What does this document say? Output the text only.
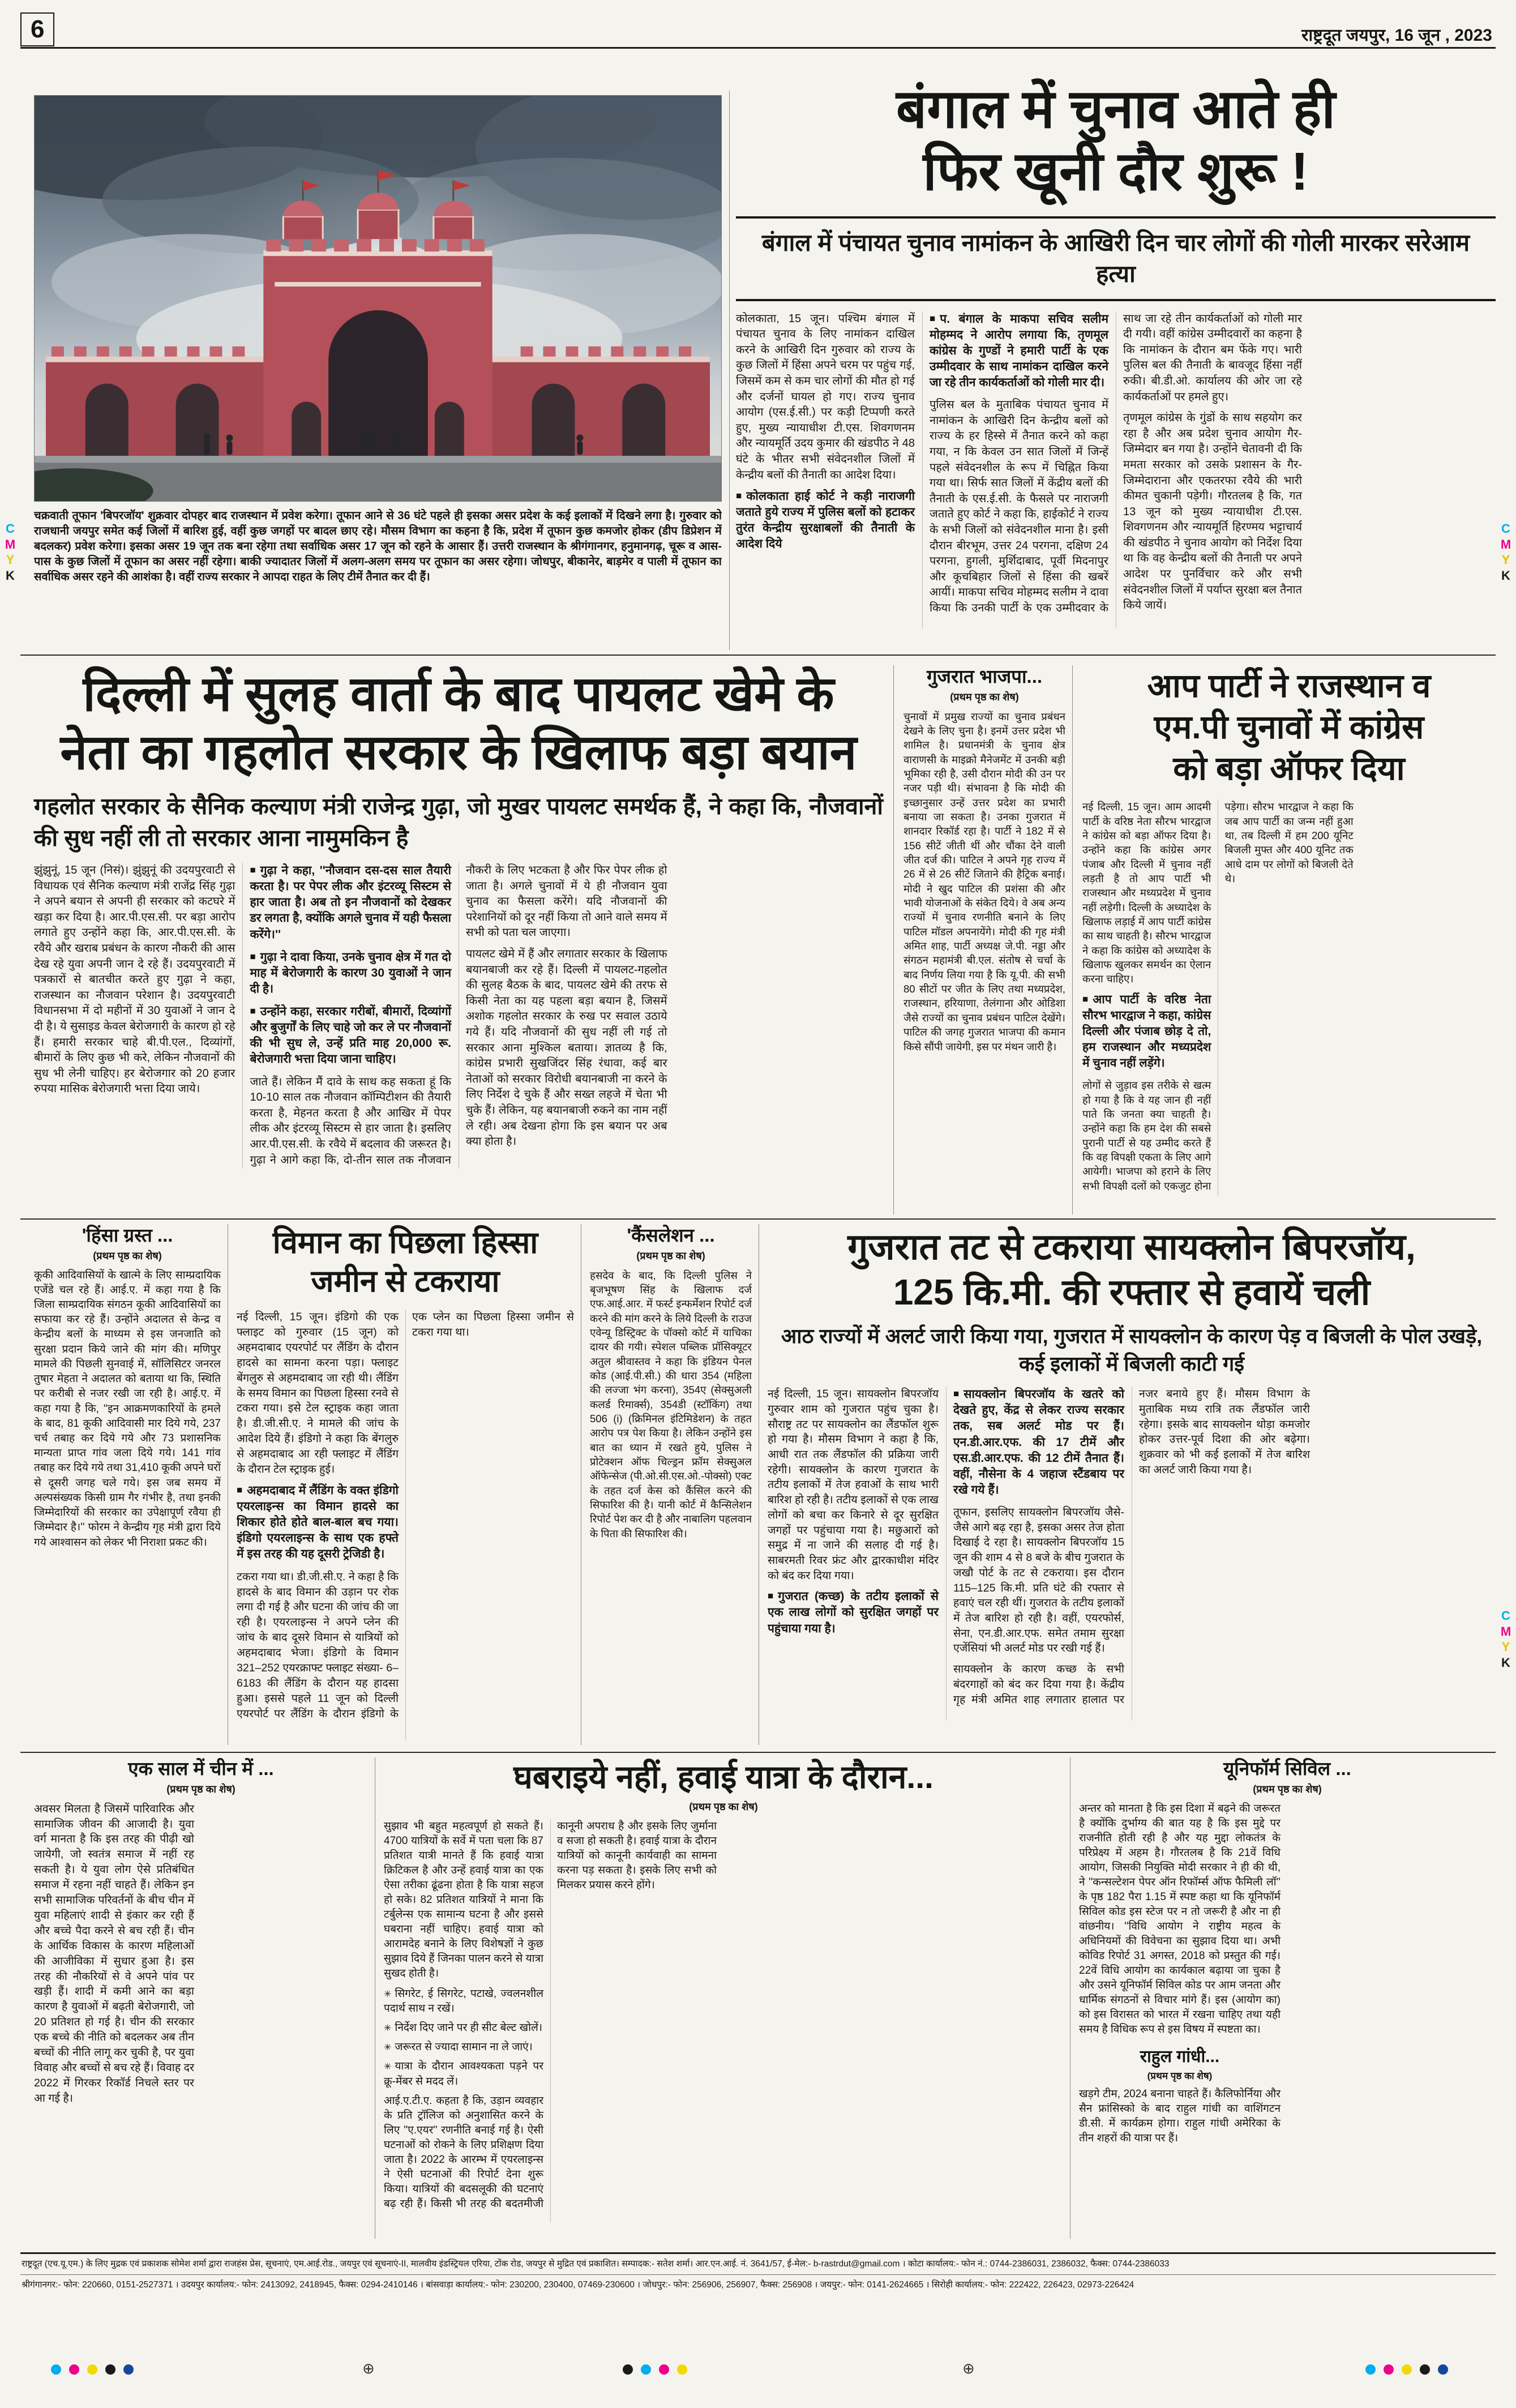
6	राष्ट्रदूत जयपुर, 16 जून , 2023
चक्रवाती तूफान 'बिपरजॉय' शुक्रवार दोपहर बाद राजस्थान में प्रवेश करेगा। तूफान आने से 36 घंटे पहले ही इसका असर प्रदेश के कई इलाकों में दिखने लगा है। गुरुवार को राजधानी जयपुर समेत कई जिलों में बारिश हुई, वहीं कुछ जगहों पर बादल छाए रहे। मौसम विभाग का कहना है कि, प्रदेश में तूफान कुछ कमजोर होकर (डीप डिप्रेशन में बदलकर) प्रवेश करेगा। इसका असर 19 जून तक बना रहेगा तथा सर्वाधिक असर 17 जून को रहने के आसार हैं। उत्तरी राजस्थान के श्रीगंगानगर, हनुमानगढ़, चूरू व आस-पास के कुछ जिलों में तूफान का असर नहीं रहेगा। बाकी ज्यादातर जिलों में अलग-अलग समय पर तूफान का असर रहेगा। जोधपुर, बीकानेर, बाड़मेर व पाली में तूफान का सर्वाधिक असर रहने की आशंका है। वहीं राज्य सरकार ने आपदा राहत के लिए टीमें तैनात कर दी हैं।
बंगाल में चुनाव आते ही
फिर खूनी दौर शुरू !
बंगाल में पंचायत चुनाव नामांकन के आखिरी दिन चार लोगों की गोली मारकर सरेआम हत्या

कोलकाता, 15 जून। पश्चिम बंगाल में पंचायत चुनाव के लिए नामांकन दाखिल करने के आखिरी दिन गुरुवार को राज्य के कुछ जिलों में हिंसा अपने चरम पर पहुंच गई, जिसमें कम से कम चार लोगों की मौत हो गई और दर्जनों घायल हो गए। राज्य चुनाव आयोग (एस.ई.सी.) पर कड़ी टिप्पणी करते हुए, मुख्य न्यायाधीश टी.एस. शिवगणनम और न्यायमूर्ति उदय कुमार की खंडपीठ ने 48 घंटे के भीतर सभी संवेदनशील जिलों में केन्द्रीय बलों की तैनाती का आदेश दिया।

■ कोलकाता हाई कोर्ट ने कड़ी नाराजगी जताते हुये राज्य में पुलिस बलों को हटाकर तुरंत केन्द्रीय सुरक्षाबलों की तैनाती के आदेश दिये
■ प. बंगाल के माकपा सचिव सलीम मोहम्मद ने आरोप लगाया कि, तृणमूल कांग्रेस के गुण्डों ने हमारी पार्टी के एक उम्मीदवार के साथ नामांकन दाखिल करने जा रहे तीन कार्यकर्ताओं को गोली मार दी।

पुलिस बल के मुताबिक पंचायत चुनाव में नामांकन के आखिरी दिन केन्द्रीय बलों को राज्य के हर हिस्से में तैनात करने को कहा गया, न कि केवल उन सात जिलों में जिन्हें पहले संवेदनशील के रूप में चिह्नित किया गया था। सिर्फ सात जिलों में केंद्रीय बलों की तैनाती के एस.ई.सी. के फैसले पर नाराजगी जताते हुए कोर्ट ने कहा कि, हाईकोर्ट ने राज्य के सभी जिलों को संवेदनशील माना है। इसी दौरान बीरभूम, उत्तर 24 परगना, दक्षिण 24 परगना, हुगली, मुर्शिदाबाद, पूर्वी मिदनापुर और कूचबिहार जिलों से हिंसा की खबरें आयीं। माकपा सचिव मोहम्मद सलीम ने दावा किया कि उनकी पार्टी के एक उम्मीदवार के साथ जा रहे तीन कार्यकर्ताओं को गोली मार दी गयी। वहीं कांग्रेस उम्मीदवारों का कहना है कि नामांकन के दौरान बम फेंके गए। भारी पुलिस बल की तैनाती के बावजूद हिंसा नहीं रुकी। बी.डी.ओ. कार्यालय की ओर जा रहे कार्यकर्ताओं पर हमले हुए।

तृणमूल कांग्रेस के गुंडों के साथ सहयोग कर रहा है और अब प्रदेश चुनाव आयोग गैर-जिम्मेदार बन गया है। उन्होंने चेतावनी दी कि ममता सरकार को उसके प्रशासन के गैर-जिम्मेदाराना और एकतरफा रवैये की भारी कीमत चुकानी पड़ेगी। गौरतलब है कि, गत 13 जून को मुख्य न्यायाधीश टी.एस. शिवगणनम और न्यायमूर्ति हिरण्मय भट्टाचार्य की खंडपीठ ने चुनाव आयोग को निर्देश दिया था कि वह केन्द्रीय बलों की तैनाती पर अपने आदेश पर पुनर्विचार करे और सभी संवेदनशील जिलों में पर्याप्त सुरक्षा बल तैनात किये जायें।

दिल्ली में सुलह वार्ता के बाद पायलट खेमे के
नेता का गहलोत सरकार के खिलाफ बड़ा बयान
गहलोत सरकार के सैनिक कल्याण मंत्री राजेन्द्र गुढ़ा, जो मुखर पायलट समर्थक हैं, ने कहा कि, नौजवानों की सुध नहीं ली तो सरकार आना नामुमकिन है

झुंझुनूं, 15 जून (निसं)। झुंझुनूं की उदयपुरवाटी से विधायक एवं सैनिक कल्याण मंत्री राजेंद्र सिंह गुढ़ा ने अपने बयान से अपनी ही सरकार को कटघरे में खड़ा कर दिया है। आर.पी.एस.सी. पर बड़ा आरोप लगाते हुए उन्होंने कहा कि, आर.पी.एस.सी. के रवैये और खराब प्रबंधन के कारण नौकरी की आस देख रहे युवा अपनी जान दे रहे हैं। उदयपुरवाटी में पत्रकारों से बातचीत करते हुए गुढ़ा ने कहा, राजस्थान का नौजवान परेशान है। उदयपुरवाटी विधानसभा में दो महीनों में 30 युवाओं ने जान दे दी है। ये सुसाइड केवल बेरोजगारी के कारण हो रहे हैं। हमारी सरकार चाहे बी.पी.एल., दिव्यांगों, बीमारों के लिए कुछ भी करे, लेकिन नौजवानों की सुध भी लेनी चाहिए। हर बेरोजगार को 20 हजार रुपया मासिक बेरोजगारी भत्ता दिया जाये।

■ गुढ़ा ने कहा, ''नौजवान दस-दस साल तैयारी करता है। पर पेपर लीक और इंटरव्यू सिस्टम से हार जाता है। अब तो इन नौजवानों को देखकर डर लगता है, क्योंकि अगले चुनाव में यही फैसला करेंगे।''
■ गुढ़ा ने दावा किया, उनके चुनाव क्षेत्र में गत दो माह में बेरोजगारी के कारण 30 युवाओं ने जान दी है।
■ उन्होंने कहा, सरकार गरीबों, बीमारों, दिव्यांगों और बुजुर्गों के लिए चाहे जो कर ले पर नौजवानों की भी सुध ले, उन्हें प्रति माह 20,000 रू. बेरोजगारी भत्ता दिया जाना चाहिए।

जाते हैं। लेकिन मैं दावे के साथ कह सकता हूं कि 10-10 साल तक नौजवान कॉम्पिटीशन की तैयारी करता है, मेहनत करता है और आखिर में पेपर लीक और इंटरव्यू सिस्टम से हार जाता है। इसलिए आर.पी.एस.सी. के रवैये में बदलाव की जरूरत है। गुढ़ा ने आगे कहा कि, दो-तीन साल तक नौजवान नौकरी के लिए भटकता है और फिर पेपर लीक हो जाता है। अगले चुनावों में ये ही नौजवान युवा चुनाव का फैसला करेंगे। यदि नौजवानों की परेशानियों को दूर नहीं किया तो आने वाले समय में सभी को पता चल जाएगा।

पायलट खेमे में हैं और लगातार सरकार के खिलाफ बयानबाजी कर रहे हैं। दिल्ली में पायलट-गहलोत की सुलह बैठक के बाद, पायलट खेमे की तरफ से किसी नेता का यह पहला बड़ा बयान है, जिसमें अशोक गहलोत सरकार के रुख पर सवाल उठाये गये हैं। यदि नौजवानों की सुध नहीं ली गई तो सरकार आना मुश्किल बताया। ज्ञातव्य है कि, कांग्रेस प्रभारी सुखजिंदर सिंह रंधावा, कई बार नेताओं को सरकार विरोधी बयानबाजी ना करने के लिए निर्देश दे चुके हैं और सख्त लहजे में चेता भी चुके हैं। लेकिन, यह बयानबाजी रुकने का नाम नहीं ले रही। अब देखना होगा कि इस बयान पर अब क्या होता है।

गुजरात भाजपा...
(प्रथम पृष्ठ का शेष)
चुनावों में प्रमुख राज्यों का चुनाव प्रबंधन देखने के लिए चुना है। इनमें उत्तर प्रदेश भी शामिल है। प्रधानमंत्री के चुनाव क्षेत्र वाराणसी के माइक्रो मैनेजमेंट में उनकी बड़ी भूमिका रही है, उसी दौरान मोदी की उन पर नजर पड़ी थी। संभावना है कि मोदी की इच्छानुसार उन्हें उत्तर प्रदेश का प्रभारी बनाया जा सकता है। उनका गुजरात में शानदार रिकॉर्ड रहा है। पार्टी ने 182 में से 156 सीटें जीती थीं और चौंका देने वाली जीत दर्ज की। पाटिल ने अपने गृह राज्य में 26 में से 26 सीटें जिताने की हैट्रिक बनाई। मोदी ने खुद पाटिल की प्रशंसा की और भावी योजनाओं के संकेत दिये। वे अब अन्य राज्यों में चुनाव रणनीति बनाने के लिए पाटिल मॉडल अपनायेंगे। मोदी की गृह मंत्री अमित शाह, पार्टी अध्यक्ष जे.पी. नड्डा और संगठन महामंत्री बी.एल. संतोष से चर्चा के बाद निर्णय लिया गया है कि यू.पी. की सभी 80 सीटों पर जीत के लिए तथा मध्यप्रदेश, राजस्थान, हरियाणा, तेलंगाना और ओडिशा जैसे राज्यों का चुनाव प्रबंधन पाटिल देखेंगे। पाटिल की जगह गुजरात भाजपा की कमान किसे सौंपी जायेगी, इस पर मंथन जारी है।
आप पार्टी ने राजस्थान व
एम.पी चुनावों में कांग्रेस
को बड़ा ऑफर दिया

नई दिल्ली, 15 जून। आम आदमी पार्टी के वरिष्ठ नेता सौरभ भारद्वाज ने कांग्रेस को बड़ा ऑफर दिया है। उन्होंने कहा कि कांग्रेस अगर पंजाब और दिल्ली में चुनाव नहीं लड़ती है तो आप पार्टी भी राजस्थान और मध्यप्रदेश में चुनाव नहीं लड़ेगी। दिल्ली के अध्यादेश के खिलाफ लड़ाई में आप पार्टी कांग्रेस का साथ चाहती है। सौरभ भारद्वाज ने कहा कि कांग्रेस को अध्यादेश के खिलाफ खुलकर समर्थन का ऐलान करना चाहिए।

■ आप पार्टी के वरिष्ठ नेता सौरभ भारद्वाज ने कहा, कांग्रेस दिल्ली और पंजाब छोड़ दे तो, हम राजस्थान और मध्यप्रदेश में चुनाव नहीं लड़ेंगे।

लोगों से जुड़ाव इस तरीके से खत्म हो गया है कि वे यह जान ही नहीं पाते कि जनता क्या चाहती है। उन्होंने कहा कि हम देश की सबसे पुरानी पार्टी से यह उम्मीद करते हैं कि वह विपक्षी एकता के लिए आगे आयेगी। भाजपा को हराने के लिए सभी विपक्षी दलों को एकजुट होना पड़ेगा। सौरभ भारद्वाज ने कहा कि जब आप पार्टी का जन्म नहीं हुआ था, तब दिल्ली में हम 200 यूनिट बिजली मुफ्त और 400 यूनिट तक आधे दाम पर लोगों को बिजली देते थे।

'हिंसा ग्रस्त ...
(प्रथम पृष्ठ का शेष)
कूकी आदिवासियों के खात्मे के लिए साम्प्रदायिक एजेंडे चल रहे हैं। आई.ए. में कहा गया है कि जिला साम्प्रदायिक संगठन कूकी आदिवासियों का सफाया कर रहे हैं। उन्होंने अदालत से केन्द्र व केन्द्रीय बलों के माध्यम से इस जनजाति को सुरक्षा प्रदान किये जाने की मांग की। मणिपुर मामले की पिछली सुनवाई में, सॉलिसिटर जनरल तुषार मेहता ने अदालत को बताया था कि, स्थिति पर करीबी से नजर रखी जा रही है। आई.ए. में कहा गया है कि, ''इन आक्रमणकारियों के हमले के बाद, 81 कूकी आदिवासी मार दिये गये, 237 चर्च तबाह कर दिये गये और 73 प्रशासनिक मान्यता प्राप्त गांव जला दिये गये। 141 गांव तबाह कर दिये गये तथा 31,410 कूकी अपने घरों से दूसरी जगह चले गये। इस जब समय में अल्पसंख्यक किसी ग्राम गैर गंभीर है, तथा इनकी जिम्मेदारियों की सरकार का उपेक्षापूर्ण रवैया ही जिम्मेदार है।'' फोरम ने केन्द्रीय गृह मंत्री द्वारा दिये गये आश्वासन को लेकर भी निराशा प्रकट की।
विमान का पिछला हिस्सा
जमीन से टकराया

नई दिल्ली, 15 जून। इंडिगो की एक फ्लाइट को गुरुवार (15 जून) को अहमदाबाद एयरपोर्ट पर लैंडिंग के दौरान हादसे का सामना करना पड़ा। फ्लाइट बेंगलुरु से अहमदाबाद जा रही थी। लैंडिंग के समय विमान का पिछला हिस्सा रनवे से टकरा गया। इसे टेल स्ट्राइक कहा जाता है। डी.जी.सी.ए. ने मामले की जांच के आदेश दिये हैं। इंडिगो ने कहा कि बेंगलुरु से अहमदाबाद आ रही फ्लाइट में लैंडिंग के दौरान टेल स्ट्राइक हुई।

■ अहमदाबाद में लैंडिंग के वक्त इंडिगो एयरलाइन्स का विमान हादसे का शिकार होते होते बाल-बाल बच गया। इंडिगो एयरलाइन्स के साथ एक हफ्ते में इस तरह की यह दूसरी ट्रेजिडी है।

टकरा गया था। डी.जी.सी.ए. ने कहा है कि हादसे के बाद विमान की उड़ान पर रोक लगा दी गई है और घटना की जांच की जा रही है। एयरलाइन्स ने अपने प्लेन की जांच के बाद दूसरे विमान से यात्रियों को अहमदाबाद भेजा। इंडिगो के विमान 321–252 एयरक्राफ्ट फ्लाइट संख्या- 6–6183 की लैंडिंग के दौरान यह हादसा हुआ। इससे पहले 11 जून को दिल्ली एयरपोर्ट पर लैंडिंग के दौरान इंडिगो के एक प्लेन का पिछला हिस्सा जमीन से टकरा गया था।

'कैंसलेशन ...
(प्रथम पृष्ठ का शेष)
हसदेव के बाद, कि दिल्ली पुलिस ने बृजभूषण सिंह के खिलाफ दर्ज एफ.आई.आर. में फर्स्ट इन्फर्मेशन रिपोर्ट दर्ज करने की मांग करने के लिये दिल्ली के राउज एवेन्यू डिस्ट्रिक्ट के पॉक्सो कोर्ट में याचिका दायर की गयी। स्पेशल पब्लिक प्रॉसिक्यूटर अतुल श्रीवास्तव ने कहा कि इंडियन पेनल कोड (आई.पी.सी.) की धारा 354 (महिला की लज्जा भंग करना), 354ए (सेक्सुअली कलर्ड रिमार्क्स), 354डी (स्टॉकिंग) तथा 506 (i) (क्रिमिनल इंटिमिडेशन) के तहत आरोप पत्र पेश किया है। लेकिन उन्होंने इस बात का ध्यान में रखते हुये, पुलिस ने प्रोटेक्शन ऑफ चिल्ड्रन फ्रॉम सेक्सुअल ऑफेन्सेज (पी.ओ.सी.एस.ओ.-पोक्सो) एक्ट के तहत दर्ज केस को कैंसिल करने की सिफारिश की है। यानी कोर्ट में कैन्सिलेशन रिपोर्ट पेश कर दी है और नाबालिग पहलवान के पिता की सिफारिश की।
गुजरात तट से टकराया सायक्लोन बिपरजॉय,
125 कि.मी. की रफ्तार से हवायें चली
आठ राज्यों में अलर्ट जारी किया गया, गुजरात में सायक्लोन के कारण पेड़ व बिजली के पोल उखड़े, कई इलाकों में बिजली काटी गई

नई दिल्ली, 15 जून। सायक्लोन बिपरजॉय गुरुवार शाम को गुजरात पहुंच चुका है। सौराष्ट्र तट पर सायक्लोन का लैंडफॉल शुरू हो गया है। मौसम विभाग ने कहा है कि, आधी रात तक लैंडफॉल की प्रक्रिया जारी रहेगी। सायक्लोन के कारण गुजरात के तटीय इलाकों में तेज हवाओं के साथ भारी बारिश हो रही है। तटीय इलाकों से एक लाख लोगों को बचा कर किनारे से दूर सुरक्षित जगहों पर पहुंचाया गया है। मछुआरों को समुद्र में ना जाने की सलाह दी गई है। साबरमती रिवर फ्रंट और द्वारकाधीश मंदिर को बंद कर दिया गया।

■ गुजरात (कच्छ) के तटीय इलाकों से एक लाख लोगों को सुरक्षित जगहों पर पहुंचाया गया है।
■ सायक्लोन बिपरजॉय के खतरे को देखते हुए, केंद्र से लेकर राज्य सरकार तक, सब अलर्ट मोड पर हैं। एन.डी.आर.एफ. की 17 टीमें और एस.डी.आर.एफ. की 12 टीमें तैनात हैं। वहीं, नौसेना के 4 जहाज स्टैंडबाय पर रखे गये हैं।

तूफान, इसलिए सायक्लोन बिपरजॉय जैसे-जैसे आगे बढ़ रहा है, इसका असर तेज होता दिखाई दे रहा है। सायक्लोन बिपरजॉय 15 जून की शाम 4 से 8 बजे के बीच गुजरात के जखौ पोर्ट के तट से टकराया। इस दौरान 115–125 कि.मी. प्रति घंटे की रफ्तार से हवाएं चल रही थीं। गुजरात के तटीय इलाकों में तेज बारिश हो रही है। वहीं, एयरफोर्स, सेना, एन.डी.आर.एफ. समेत तमाम सुरक्षा एजेंसियां भी अलर्ट मोड पर रखी गई हैं।

सायक्लोन के कारण कच्छ के सभी बंदरगाहों को बंद कर दिया गया है। केंद्रीय गृह मंत्री अमित शाह लगातार हालात पर नजर बनाये हुए हैं। मौसम विभाग के मुताबिक मध्य रात्रि तक लैंडफॉल जारी रहेगा। इसके बाद सायक्लोन थोड़ा कमजोर होकर उत्तर-पूर्व दिशा की ओर बढ़ेगा। शुक्रवार को भी कई इलाकों में तेज बारिश का अलर्ट जारी किया गया है।

एक साल में चीन में ...
(प्रथम पृष्ठ का शेष)
अवसर मिलता है जिसमें पारिवारिक और सामाजिक जीवन की आजादी है। युवा वर्ग मानता है कि इस तरह की पीढ़ी खो जायेगी, जो स्वतंत्र समाज में नहीं रह सकती है। ये युवा लोग ऐसे प्रतिबंधित समाज में रहना नहीं चाहते हैं। लेकिन इन सभी सामाजिक परिवर्तनों के बीच चीन में युवा महिलाएं शादी से इंकार कर रही हैं और बच्चे पैदा करने से बच रही हैं। चीन के आर्थिक विकास के कारण महिलाओं की आजीविका में सुधार हुआ है। इस तरह की नौकरियों से वे अपने पांव पर खड़ी हैं। शादी में कमी आने का बड़ा कारण है युवाओं में बढ़ती बेरोजगारी, जो 20 प्रतिशत हो गई है। चीन की सरकार एक बच्चे की नीति को बदलकर अब तीन बच्चों की नीति लागू कर चुकी है, पर युवा विवाह और बच्चों से बच रहे हैं। विवाह दर 2022 में गिरकर रिकॉर्ड निचले स्तर पर आ गई है।
घबराइये नहीं, हवाई यात्रा के दौरान...
(प्रथम पृष्ठ का शेष)

सुझाव भी बहुत महत्वपूर्ण हो सकते हैं। 4700 यात्रियों के सर्वे में पता चला कि 87 प्रतिशत यात्री मानते हैं कि हवाई यात्रा क्रिटिकल है और उन्हें हवाई यात्रा का एक ऐसा तरीका ढूंढना होता है कि यात्रा सहज हो सके। 82 प्रतिशत यात्रियों ने माना कि टर्बुलेन्स एक सामान्य घटना है और इससे घबराना नहीं चाहिए। हवाई यात्रा को आरामदेह बनाने के लिए विशेषज्ञों ने कुछ सुझाव दिये हैं जिनका पालन करने से यात्रा सुखद होती है।

✳ सिगरेट, ई सिगरेट, पटाखे, ज्वलनशील पदार्थ साथ न रखें।
✳ निर्देश दिए जाने पर ही सीट बेल्ट खोलें।
✳ जरूरत से ज्यादा सामान ना ले जाएं।
✳ यात्रा के दौरान आवश्यकता पड़ने पर क्रू-मेंबर से मदद लें।

आई.ए.टी.ए. कहता है कि, उड़ान व्यवहार के प्रति ट्रॉलिज को अनुशासित करने के लिए ''ए.एयर'' रणनीति बनाई गई है। ऐसी घटनाओं को रोकने के लिए प्रशिक्षण दिया जाता है। 2022 के आरम्भ में एयरलाइन्स ने ऐसी घटनाओं की रिपोर्ट देना शुरू किया। यात्रियों की बदसलूकी की घटनाएं बढ़ रही हैं। किसी भी तरह की बदतमीजी कानूनी अपराध है और इसके लिए जुर्माना व सजा हो सकती है। हवाई यात्रा के दौरान यात्रियों को कानूनी कार्यवाही का सामना करना पड़ सकता है। इसके लिए सभी को मिलकर प्रयास करने होंगे।

यूनिफॉर्म सिविल ...
(प्रथम पृष्ठ का शेष)

अन्तर को मानता है कि इस दिशा में बढ़ने की जरूरत है क्योंकि दुर्भाग्य की बात यह है कि इस मुद्दे पर राजनीति होती रही है और यह मुद्दा लोकतंत्र के परिप्रेक्ष्य में अहम है। गौरतलब है कि 21वें विधि आयोग, जिसकी नियुक्ति मोदी सरकार ने ही की थी, ने ''कन्सल्टेशन पेपर ऑन रिफॉर्म्स ऑफ फैमिली लॉ'' के पृष्ठ 182 पैरा 1.15 में स्पष्ट कहा था कि यूनिफॉर्म सिविल कोड इस स्टेज पर न तो जरूरी है और ना ही वांछनीय। ''विधि आयोग ने राष्ट्रीय महत्व के अधिनियमों की विवेचना का सुझाव दिया था। अभी कोविड रिपोर्ट 31 अगस्त, 2018 को प्रस्तुत की गई। 22वें विधि आयोग का कार्यकाल बढ़ाया जा चुका है और उसने यूनिफॉर्म सिविल कोड पर आम जनता और धार्मिक संगठनों से विचार मांगे हैं। इस (आयोग का) को इस विरासत को भारत में रखना चाहिए तथा यही समय है विधिक रूप से इस विषय में स्पष्टता का।

राहुल गांधी...
(प्रथम पृष्ठ का शेष)

खड़गे टीम, 2024 बनाना चाहते हैं। कैलिफोर्निया और सैन फ्रांसिस्को के बाद राहुल गांधी का वाशिंगटन डी.सी. में कार्यक्रम होगा। राहुल गांधी अमेरिका के तीन शहरों की यात्रा पर हैं।

राष्ट्रदूत (एच.यू.एम.) के लिए मुद्रक एवं प्रकाशक सोमेश शर्मा द्वारा राजहंस प्रेस, सूचनाएं, एम.आई.रोड., जयपुर एवं सूचनाएं-II, मालवीय इंडस्ट्रियल एरिया, टोंक रोड, जयपुर से मुद्रित एवं प्रकाशित। सम्पादक:- सतेश शर्मा। आर.एन.आई. नं. 3641/57, ई-मेल:- b-rastrdut@gmail.com । कोटा कार्यालय:- फोन नं.: 0744-2386031, 2386032, फैक्स: 0744-2386033
श्रीगंगानगर:- फोन: 220660, 0151-2527371 । उदयपुर कार्यालय:- फोन: 2413092, 2418945, फैक्स: 0294-2410146 । बांसवाड़ा कार्यालय:- फोन: 230200, 230400, 07469-230600 । जोधपुर:- फोन: 256906, 256907, फैक्स: 256908 । जयपुर:- फोन: 0141-2624665 । सिरोही कार्यालय:- फोन: 222422, 226423, 02973-226424
C
M
Y
K
C
M
Y
K
C
M
Y
K
⊕	⊕
